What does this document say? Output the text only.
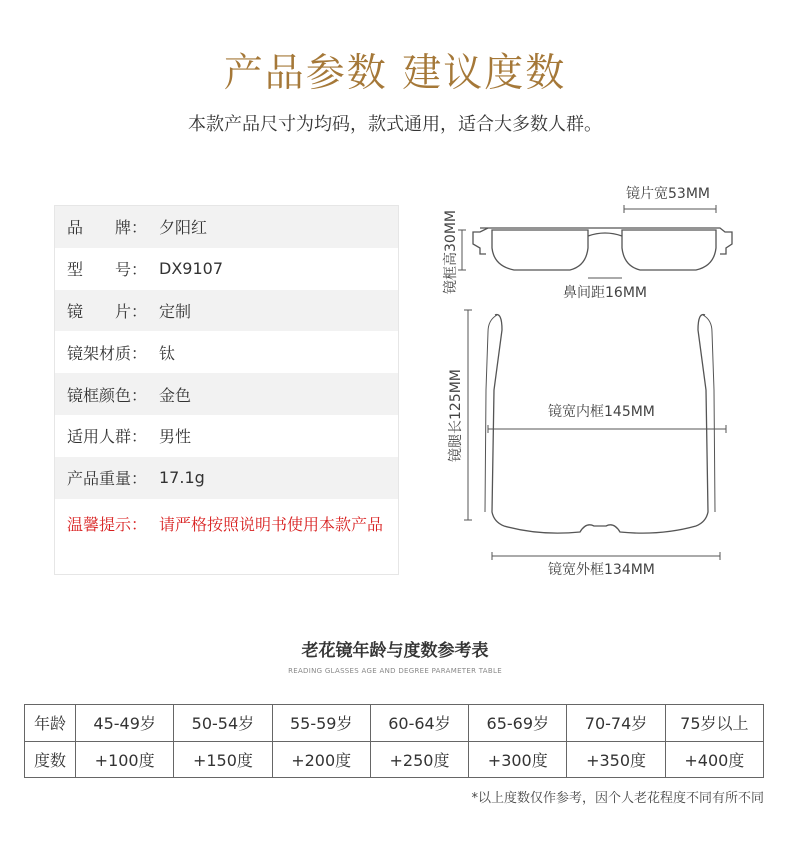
产品参数 建议度数
本款产品尺寸为均码，款式通用，适合大多数人群。
品　　牌： 夕阳红
型　　号： DX9107
镜　　片： 定制
镜架材质： 钛
镜框颜色： 金色
适用人群： 男性
产品重量： 17.1g
温馨提示： 请严格按照说明书使用本款产品
镜片宽53MM
镜框高30MM	鼻间距16MM
镜腿长125MM	镜宽内框145MM
镜宽外框134MM
老花镜年龄与度数参考表
READING GLASSES AGE AND DEGREE PARAMETER TABLE
年龄	45-49岁	50-54岁	55-59岁	60-64岁	65-69岁	70-74岁	75岁以上
度数	+100度	+150度	+200度	+250度	+300度	+350度	+400度
*以上度数仅作参考，因个人老花程度不同有所不同
